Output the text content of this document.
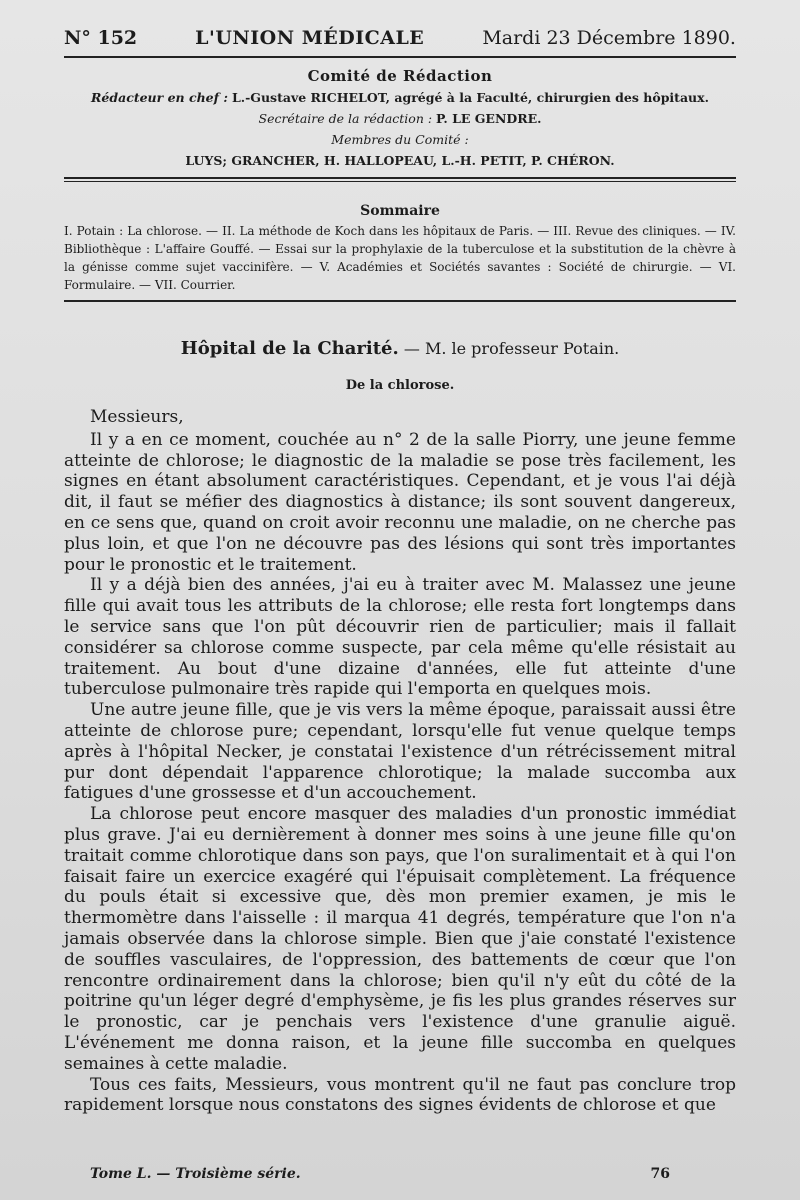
N° 152	L'UNION MÉDICALE	Mardi 23 Décembre 1890.
Comité de Rédaction
Rédacteur en chef : L.-Gustave RICHELOT, agrégé à la Faculté, chirurgien des hôpitaux.
Secrétaire de la rédaction : P. LE GENDRE.
Membres du Comité :
LUYS; GRANCHER, H. HALLOPEAU, L.-H. PETIT, P. CHÉRON.
Sommaire
I. Potain : La chlorose. — II. La méthode de Koch dans les hôpitaux de Paris. — III. Revue des cliniques. — IV. Bibliothèque : L'affaire Gouffé. — Essai sur la prophylaxie de la tuberculose et la substitution de la chèvre à la génisse comme sujet vaccinifère. — V. Académies et Sociétés savantes : Société de chirurgie. — VI. Formulaire. — VII. Courrier.
Hôpital de la Charité. — M. le professeur Potain.
De la chlorose.

Messieurs,

Il y a en ce moment, couchée au n° 2 de la salle Piorry, une jeune femme atteinte de chlorose; le diagnostic de la maladie se pose très facilement, les signes en étant absolument caractéristiques. Cependant, et je vous l'ai déjà dit, il faut se méfier des diagnostics à distance; ils sont souvent dangereux, en ce sens que, quand on croit avoir reconnu une maladie, on ne cherche pas plus loin, et que l'on ne découvre pas des lésions qui sont très importantes pour le pronostic et le traitement.

Il y a déjà bien des années, j'ai eu à traiter avec M. Malassez une jeune fille qui avait tous les attributs de la chlorose; elle resta fort longtemps dans le service sans que l'on pût découvrir rien de particulier; mais il fallait considérer sa chlorose comme suspecte, par cela même qu'elle résistait au traitement. Au bout d'une dizaine d'années, elle fut atteinte d'une tuberculose pulmonaire très rapide qui l'emporta en quelques mois.

Une autre jeune fille, que je vis vers la même époque, paraissait aussi être atteinte de chlorose pure; cependant, lorsqu'elle fut venue quelque temps après à l'hôpital Necker, je constatai l'existence d'un rétrécissement mitral pur dont dépendait l'apparence chlorotique; la malade succomba aux fatigues d'une grossesse et d'un accouchement.

La chlorose peut encore masquer des maladies d'un pronostic immédiat plus grave. J'ai eu dernièrement à donner mes soins à une jeune fille qu'on traitait comme chlorotique dans son pays, que l'on suralimentait et à qui l'on faisait faire un exercice exagéré qui l'épuisait complètement. La fréquence du pouls était si excessive que, dès mon premier examen, je mis le thermomètre dans l'aisselle : il marqua 41 degrés, température que l'on n'a jamais observée dans la chlorose simple. Bien que j'aie constaté l'existence de souffles vasculaires, de l'oppression, des battements de cœur que l'on rencontre ordinairement dans la chlorose; bien qu'il n'y eût du côté de la poitrine qu'un léger degré d'emphysème, je fis les plus grandes réserves sur le pronostic, car je penchais vers l'existence d'une granulie aiguë. L'événement me donna raison, et la jeune fille succomba en quelques semaines à cette maladie.

Tous ces faits, Messieurs, vous montrent qu'il ne faut pas conclure trop rapidement lorsque nous constatons des signes évidents de chlorose et que

Tome L. — Troisième série.	76
